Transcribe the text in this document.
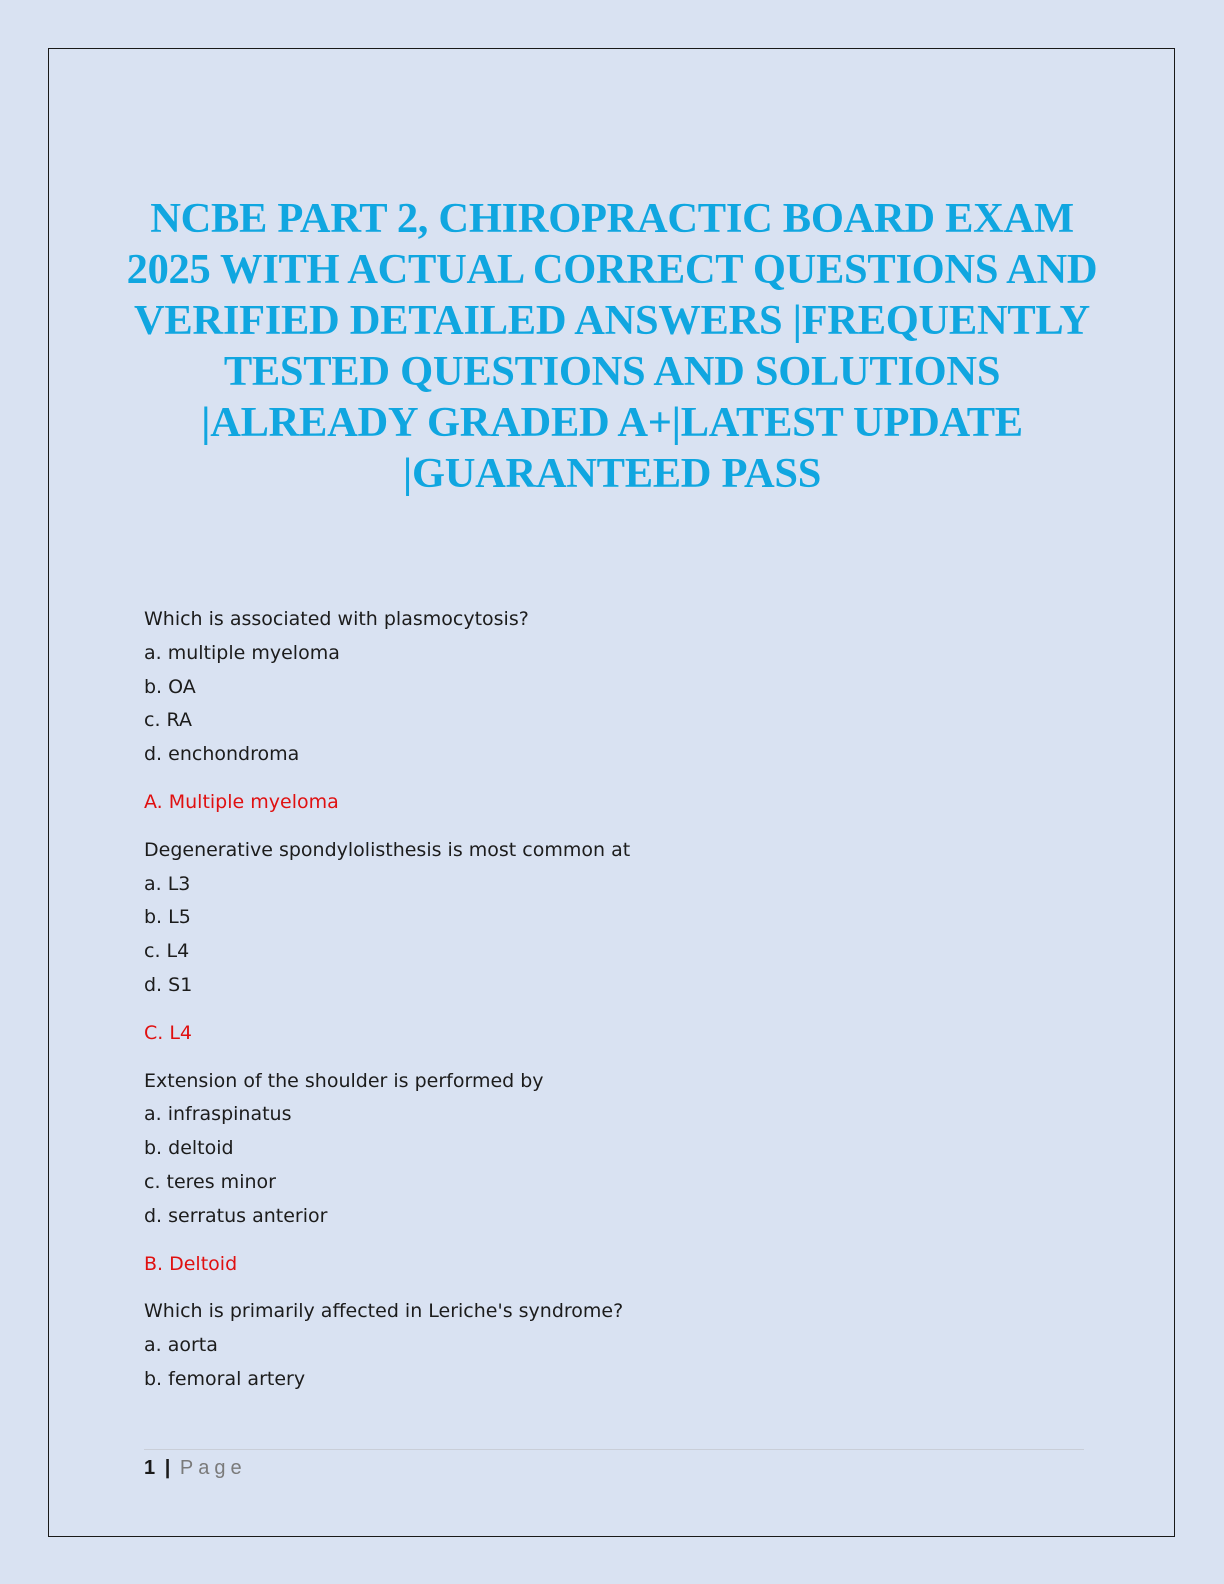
NCBE PART 2, CHIROPRACTIC BOARD EXAM 2025 WITH ACTUAL CORRECT QUESTIONS AND VERIFIED DETAILED ANSWERS |FREQUENTLY TESTED QUESTIONS AND SOLUTIONS |ALREADY GRADED A+|LATEST UPDATE |GUARANTEED PASS
Which is associated with plasmocytosis?
a. multiple myeloma
b. OA
c. RA
d. enchondroma
A. Multiple myeloma
Degenerative spondylolisthesis is most common at
a. L3
b. L5
c. L4
d. S1
C. L4
Extension of the shoulder is performed by
a. infraspinatus
b. deltoid
c. teres minor
d. serratus anterior
B. Deltoid
Which is primarily affected in Leriche's syndrome?
a. aorta
b. femoral artery
1 | Page
